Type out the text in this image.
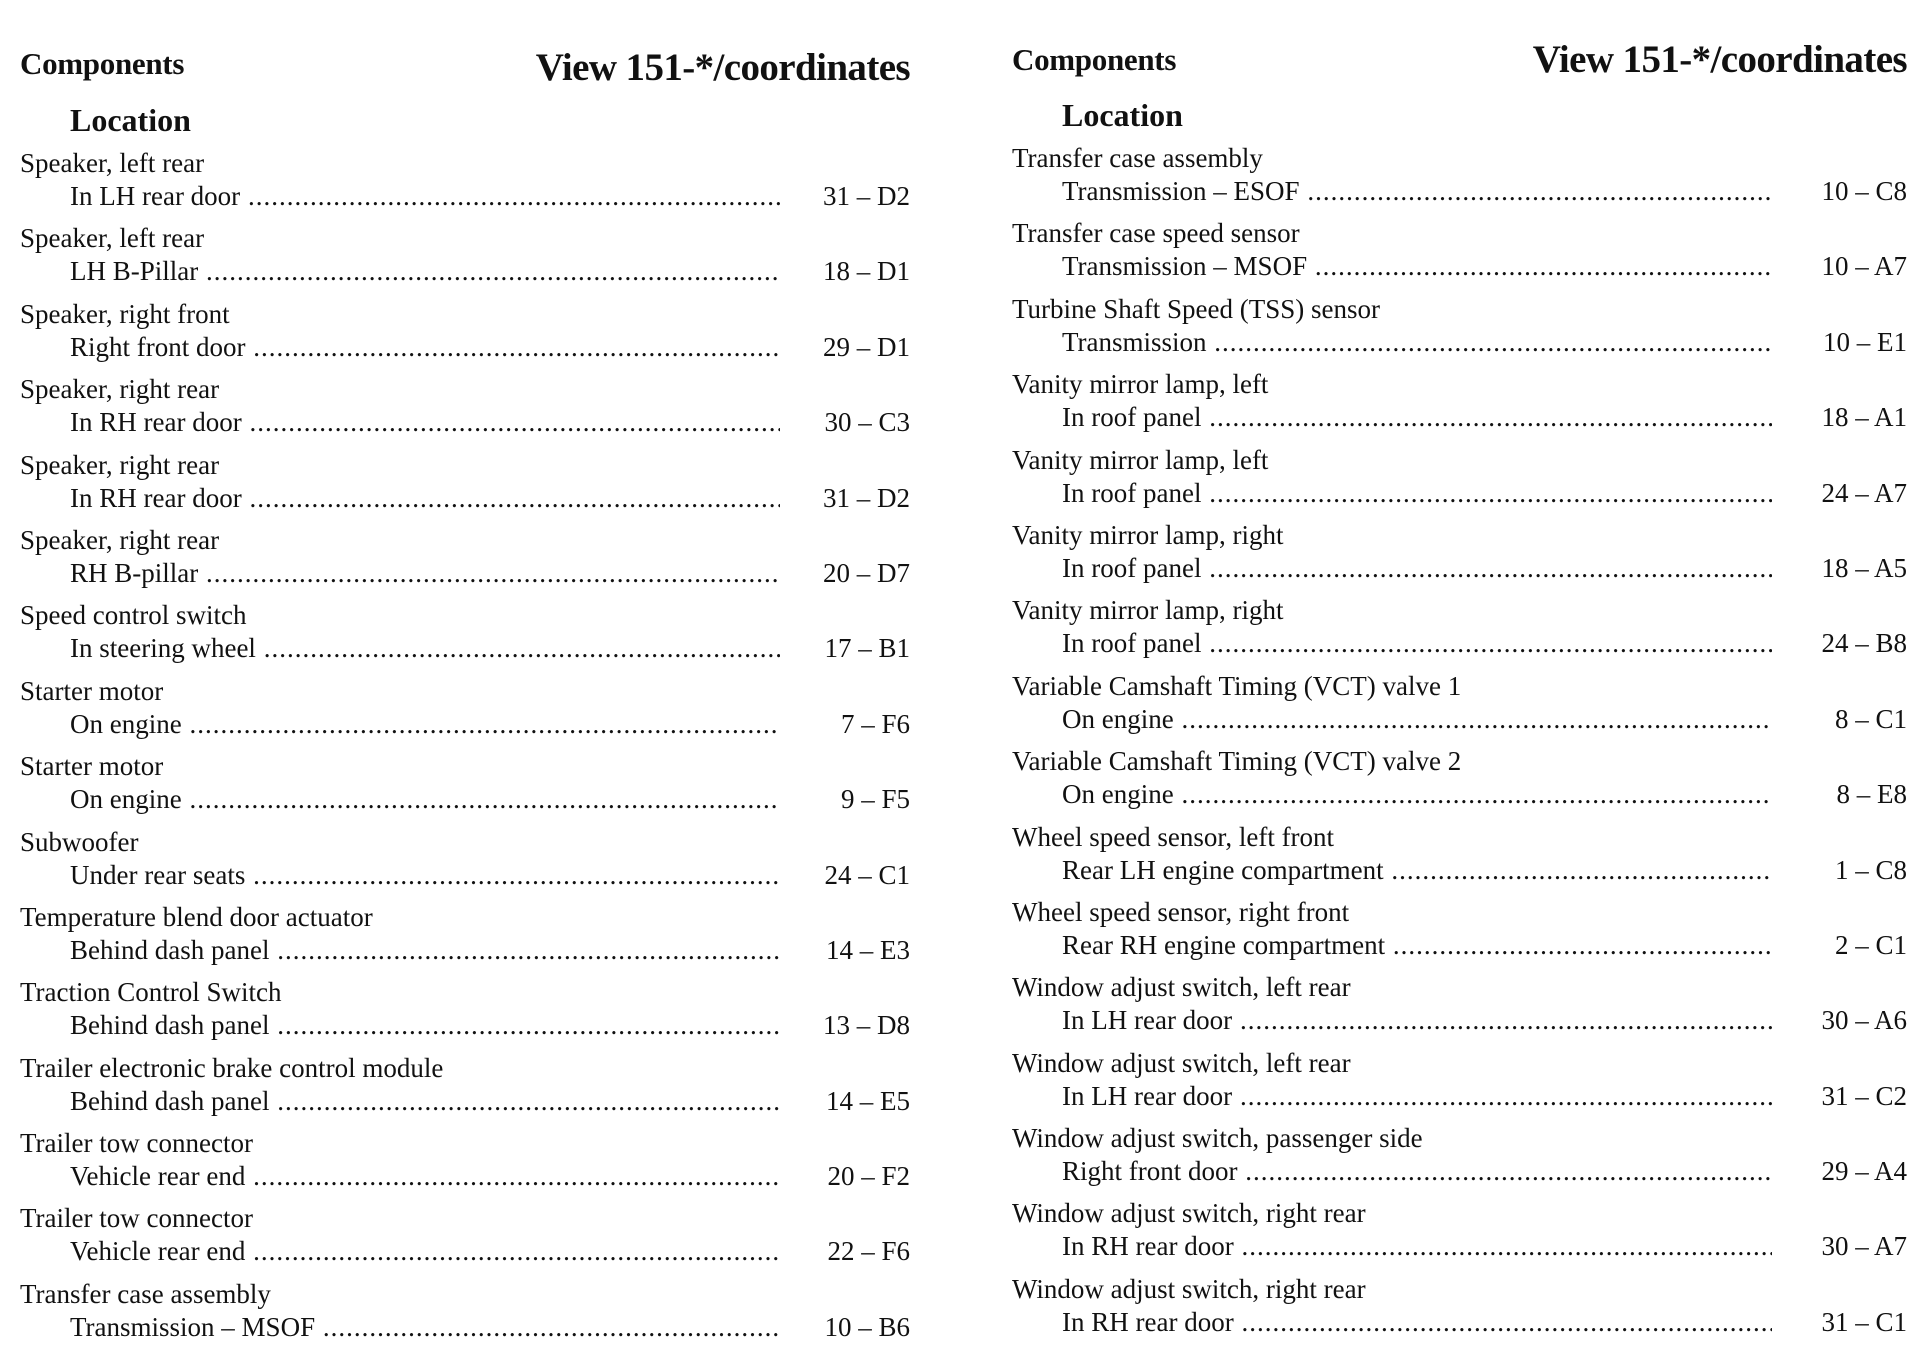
Components	View 151-*/coordinates
Location
Speaker, left rear
In LH rear door .....	31 – D2
Speaker, left rear
LH B-Pillar .....	18 – D1
Speaker, right front
Right front door .....	29 – D1
Speaker, right rear
In RH rear door .....	30 – C3
Speaker, right rear
In RH rear door .....	31 – D2
Speaker, right rear
RH B-pillar .....	20 – D7
Speed control switch
In steering wheel .....	17 – B1
Starter motor
On engine .....	7 – F6
Starter motor
On engine .....	9 – F5
Subwoofer
Under rear seats .....	24 – C1
Temperature blend door actuator
Behind dash panel .....	14 – E3
Traction Control Switch
Behind dash panel .....	13 – D8
Trailer electronic brake control module
Behind dash panel .....	14 – E5
Trailer tow connector
Vehicle rear end .....	20 – F2
Trailer tow connector
Vehicle rear end .....	22 – F6
Transfer case assembly
Transmission – MSOF .....	10 – B6
Components	View 151-*/coordinates
Location
Transfer case assembly
Transmission – ESOF .....	10 – C8
Transfer case speed sensor
Transmission – MSOF .....	10 – A7
Turbine Shaft Speed (TSS) sensor
Transmission .....	10 – E1
Vanity mirror lamp, left
In roof panel .....	18 – A1
Vanity mirror lamp, left
In roof panel .....	24 – A7
Vanity mirror lamp, right
In roof panel .....	18 – A5
Vanity mirror lamp, right
In roof panel .....	24 – B8
Variable Camshaft Timing (VCT) valve 1
On engine .....	8 – C1
Variable Camshaft Timing (VCT) valve 2
On engine .....	8 – E8
Wheel speed sensor, left front
Rear LH engine compartment .....	1 – C8
Wheel speed sensor, right front
Rear RH engine compartment .....	2 – C1
Window adjust switch, left rear
In LH rear door .....	30 – A6
Window adjust switch, left rear
In LH rear door .....	31 – C2
Window adjust switch, passenger side
Right front door .....	29 – A4
Window adjust switch, right rear
In RH rear door .....	30 – A7
Window adjust switch, right rear
In RH rear door .....	31 – C1
